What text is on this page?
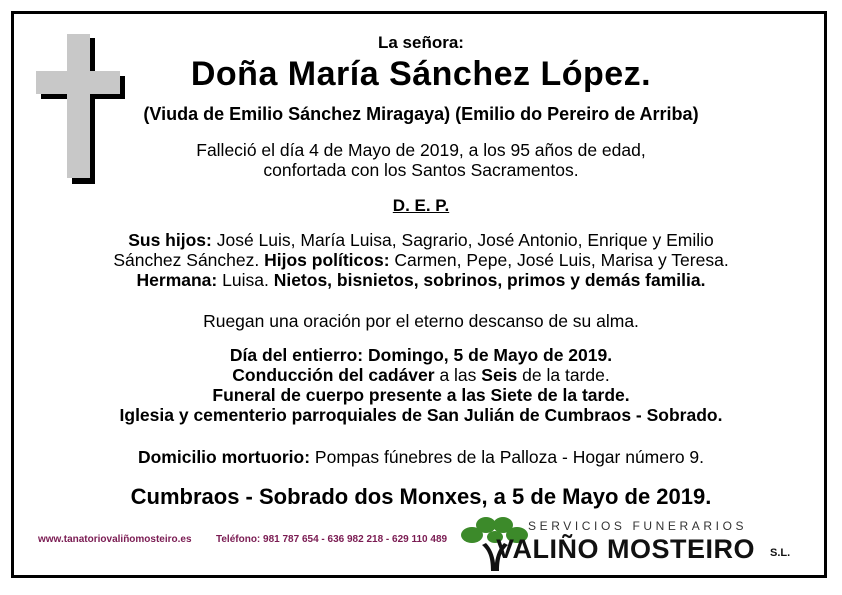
La señora:
Doña María Sánchez López.
(Viuda de Emilio Sánchez Miragaya) (Emilio do Pereiro de Arriba)
Falleció el día 4 de Mayo de 2019, a los 95 años de edad,
confortada con los Santos Sacramentos.
D. E. P.
Sus hijos: José Luis, María Luisa, Sagrario, José Antonio, Enrique y Emilio
Sánchez Sánchez. Hijos políticos: Carmen, Pepe, José Luis, Marisa y Teresa.
Hermana: Luisa. Nietos, bisnietos, sobrinos, primos y demás familia.
Ruegan una oración por el eterno descanso de su alma.
Día del entierro: Domingo, 5 de Mayo de 2019.
Conducción del cadáver a las Seis de la tarde.
Funeral de cuerpo presente a las Siete de la tarde.
Iglesia y cementerio parroquiales de San Julián de Cumbraos - Sobrado.
Domicilio mortuorio: Pompas fúnebres de la Palloza - Hogar número 9.
Cumbraos - Sobrado dos Monxes, a 5 de Mayo de 2019.
www.tanatoriovaliñomosteiro.es Teléfono: 981 787 654 - 636 982 218 - 629 110 489
SERVICIOS FUNERARIOS
VALIÑO MOSTEIRO S.L.
